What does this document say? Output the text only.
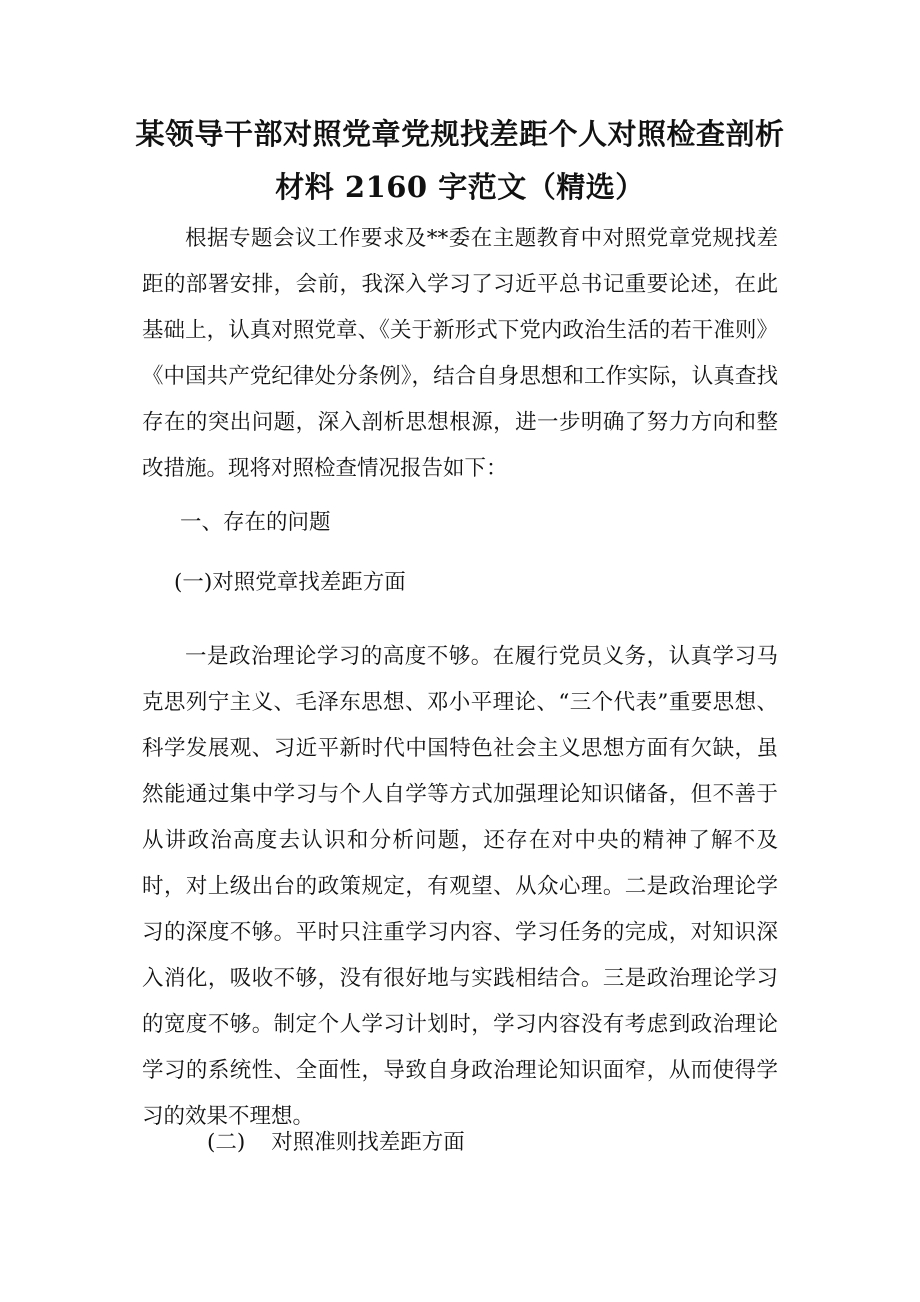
某领导干部对照党章党规找差距个人对照检查剖析
材料 2160 字范文（精选）

根据专题会议工作要求及**委在主题教育中对照党章党规找差距的部署安排，会前，我深入学习了习近平总书记重要论述，在此基础上，认真对照党章、《关于新形式下党内政治生活的若干准则》《中国共产党纪律处分条例》，结合自身思想和工作实际，认真查找存在的突出问题，深入剖析思想根源，进一步明确了努力方向和整改措施。现将对照检查情况报告如下：

一、存在的问题

(一)对照党章找差距方面

一是政治理论学习的高度不够。在履行党员义务，认真学习马克思列宁主义、毛泽东思想、邓小平理论、“三个代表”重要思想、科学发展观、习近平新时代中国特色社会主义思想方面有欠缺，虽然能通过集中学习与个人自学等方式加强理论知识储备，但不善于从讲政治高度去认识和分析问题，还存在对中央的精神了解不及时，对上级出台的政策规定，有观望、从众心理。二是政治理论学习的深度不够。平时只注重学习内容、学习任务的完成，对知识深入消化，吸收不够，没有很好地与实践相结合。三是政治理论学习的宽度不够。制定个人学习计划时，学习内容没有考虑到政治理论学习的系统性、全面性，导致自身政治理论知识面窄，从而使得学习的效果不理想。

(二) 对照准则找差距方面
